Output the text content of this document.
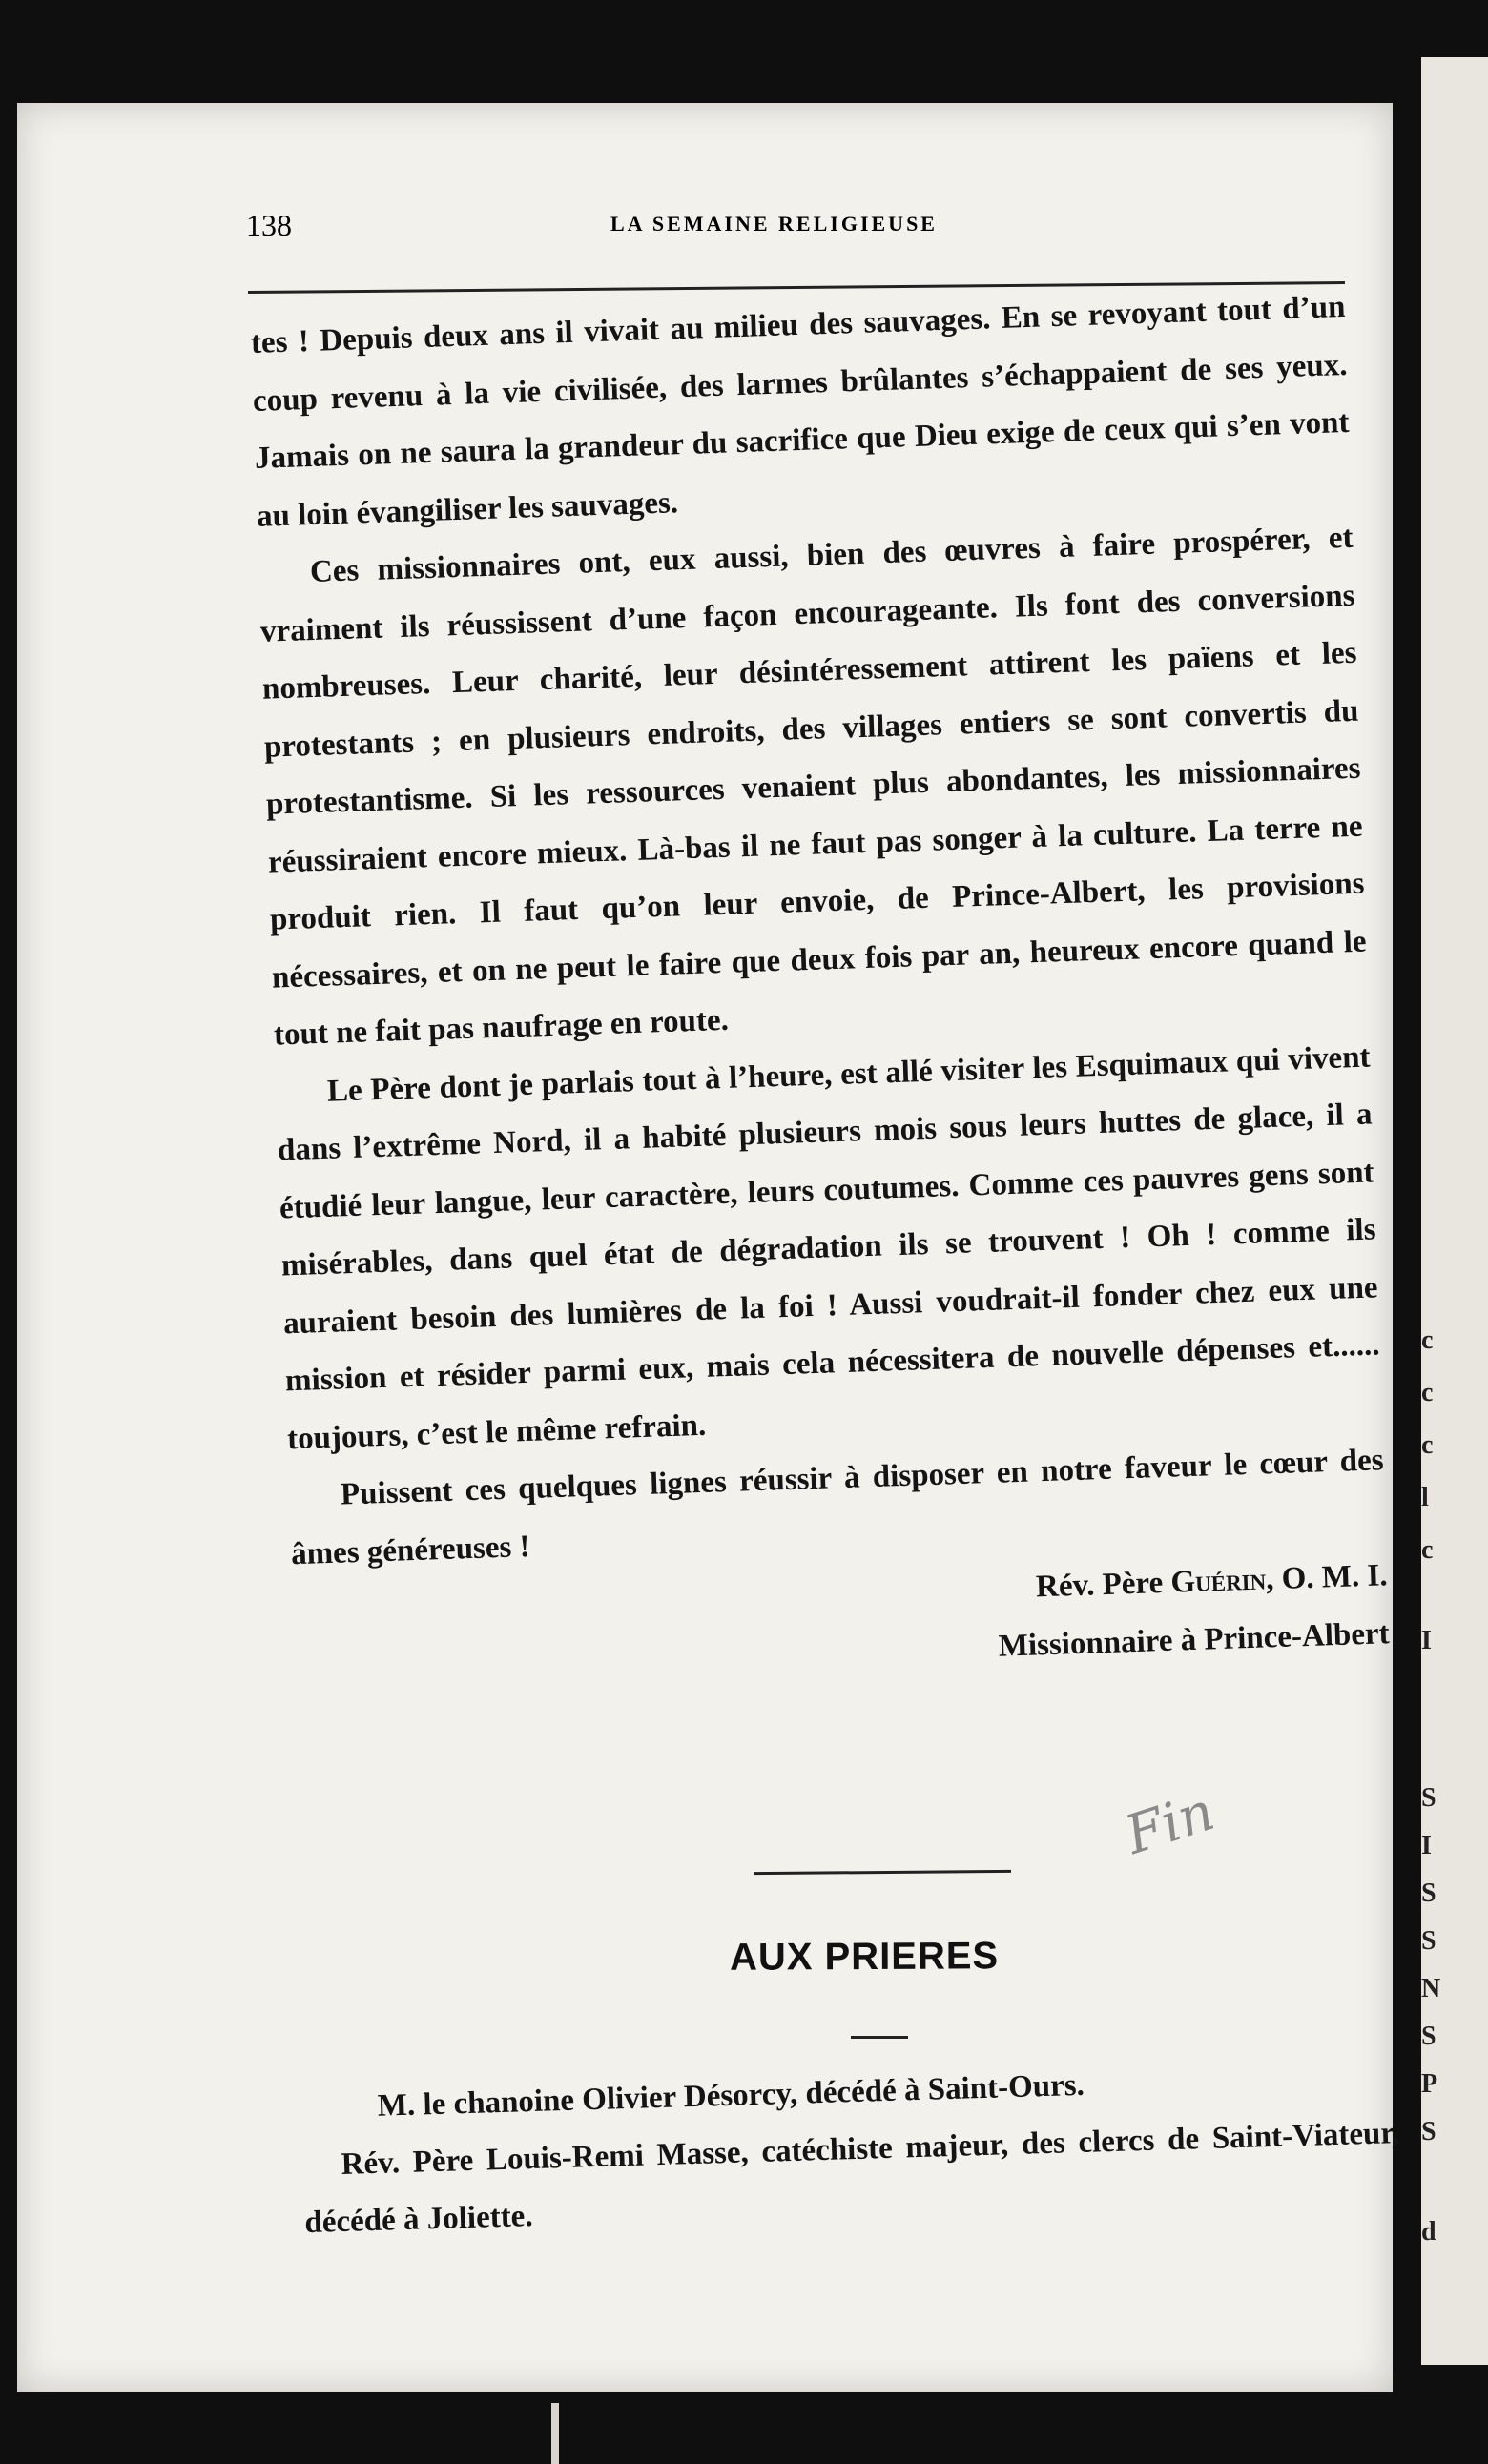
c
c
c
l
c
I
S
I
S
S
N
S
P
S
d
138	LA SEMAINE RELIGIEUSE

tes ! Depuis deux ans il vivait au milieu des sauvages. En se revoyant tout d’un coup revenu à la vie civilisée, des larmes brûlantes s’échappaient de ses yeux. Jamais on ne saura la grandeur du sacrifice que Dieu exige de ceux qui s’en vont au loin évangiliser les sauvages.

Ces missionnaires ont, eux aussi, bien des œuvres à faire prospérer, et vraiment ils réussissent d’une façon encourageante. Ils font des conversions nombreuses. Leur charité, leur désintéressement attirent les païens et les protestants ; en plusieurs endroits, des villages entiers se sont convertis du protestantisme. Si les ressources venaient plus abondantes, les missionnaires réussiraient encore mieux. Là-bas il ne faut pas songer à la culture. La terre ne produit rien. Il faut qu’on leur envoie, de Prince-Albert, les provisions nécessaires, et on ne peut le faire que deux fois par an, heureux encore quand le tout ne fait pas naufrage en route.

Le Père dont je parlais tout à l’heure, est allé visiter les Esquimaux qui vivent dans l’extrême Nord, il a habité plusieurs mois sous leurs huttes de glace, il a étudié leur langue, leur caractère, leurs coutumes. Comme ces pauvres gens sont misérables, dans quel état de dégradation ils se trouvent ! Oh ! comme ils auraient besoin des lumières de la foi ! Aussi voudrait-il fonder chez eux une mission et résider parmi eux, mais cela nécessitera de nouvelle dépenses et...... toujours, c’est le même refrain.

Puissent ces quelques lignes réussir à disposer en notre faveur le cœur des âmes généreuses !

Rév. Père Guérin, O. M. I.

Missionnaire à Prince-Albert

Fin
AUX PRIERES

M. le chanoine Olivier Désorcy, décédé à Saint-Ours.

Rév. Père Louis-Remi Masse, catéchiste majeur, des clercs de Saint-Viateur, décédé à Joliette.
